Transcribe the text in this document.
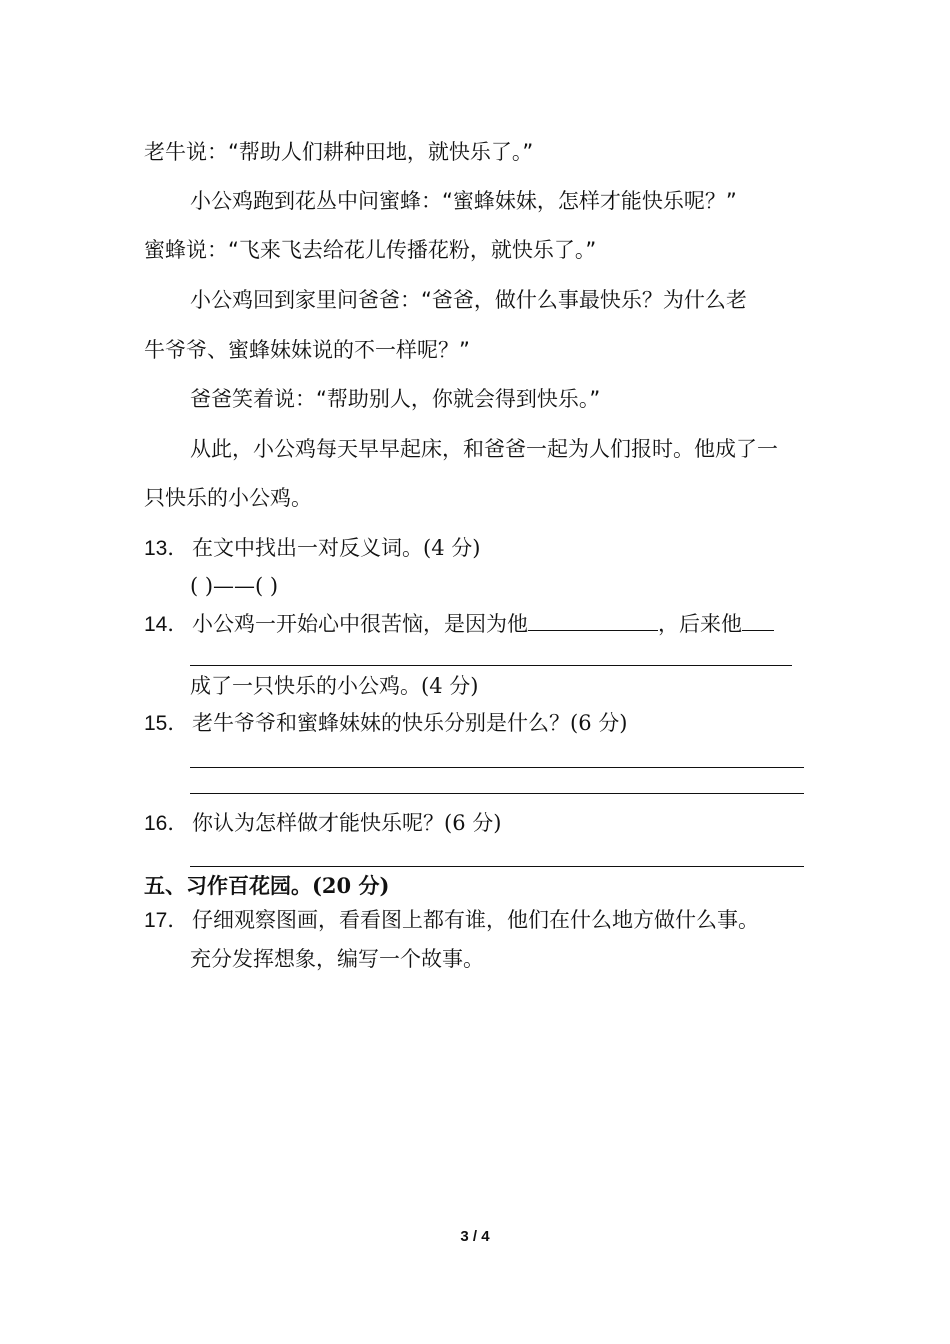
老牛说：“帮助人们耕种田地，就快乐了。”
小公鸡跑到花丛中问蜜蜂：“蜜蜂妹妹，怎样才能快乐呢？”
蜜蜂说：“飞来飞去给花儿传播花粉，就快乐了。”
小公鸡回到家里问爸爸：“爸爸，做什么事最快乐？为什么老
牛爷爷、蜜蜂妹妹说的不一样呢？”
爸爸笑着说：“帮助别人，你就会得到快乐。”
从此，小公鸡每天早早起床，和爸爸一起为人们报时。他成了一
只快乐的小公鸡。
13． 在文中找出一对反义词。(4 分)
( )——( )
14． 小公鸡一开始心中很苦恼，是因为他	，后来他
成了一只快乐的小公鸡。(4 分)
15． 老牛爷爷和蜜蜂妹妹的快乐分别是什么？(6 分)
16． 你认为怎样做才能快乐呢？(6 分)
五、习作百花园。(20 分)
17． 仔细观察图画，看看图上都有谁，他们在什么地方做什么事。
充分发挥想象，编写一个故事。
3 / 4
